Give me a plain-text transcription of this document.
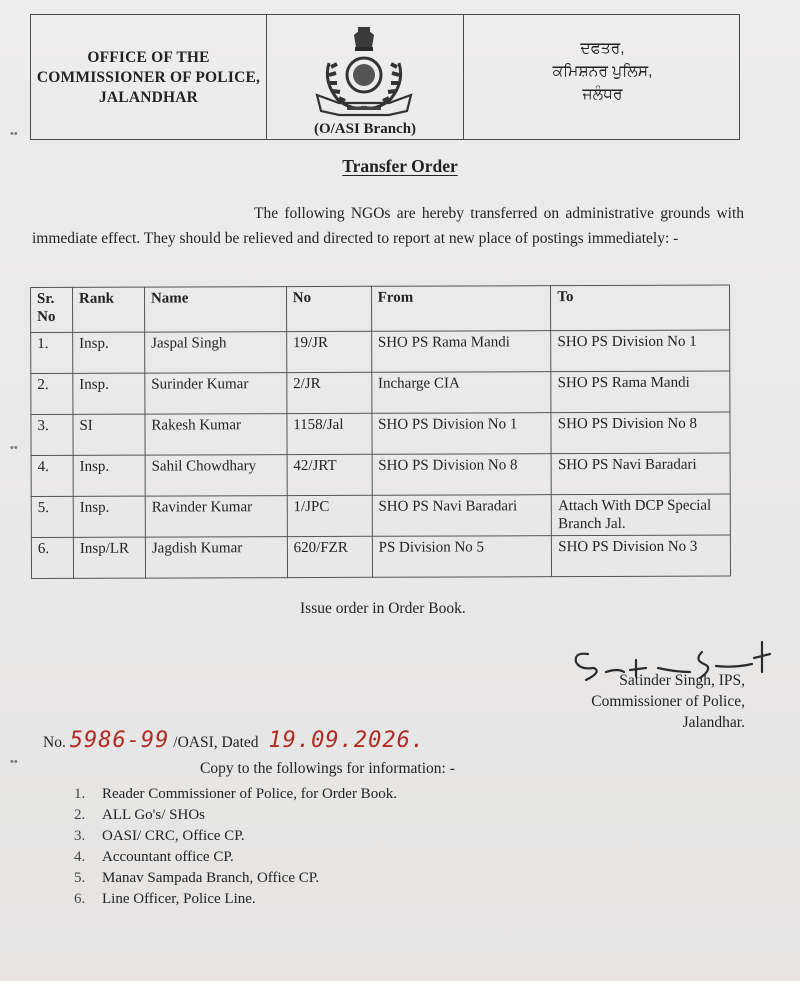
OFFICE OF THE
COMMISSIONER OF POLICE,
JALANDHAR
(O/ASI Branch)
ਦਫਤਰ,
ਕਮਿਸ਼ਨਰ ਪੁਲਿਸ,
ਜਲੰਧਰ
••
Transfer Order
The following NGOs are hereby transferred on administrative grounds with immediate effect. They should be relieved and directed to report at new place of postings immediately: -
Sr. No	Rank	Name	No	From	To
1.	Insp.	Jaspal Singh	19/JR	SHO PS Rama Mandi	SHO PS Division No 1
2.	Insp.	Surinder Kumar	2/JR	Incharge CIA	SHO PS Rama Mandi
3.	SI	Rakesh Kumar	1158/Jal	SHO PS Division No 1	SHO PS Division No 8
4.	Insp.	Sahil Chowdhary	42/JRT	SHO PS Division No 8	SHO PS Navi Baradari
5.	Insp.	Ravinder Kumar	1/JPC	SHO PS Navi Baradari	Attach With DCP Special Branch Jal.
6.	Insp/LR	Jagdish Kumar	620/FZR	PS Division No 5	SHO PS Division No 3
••
Issue order in Order Book.
Satinder Singh, IPS,
Commissioner of Police,
Jalandhar.
No. 5986-99 /OASI, Dated 19.09.2026.
••	Copy to the followings for information: -
1. Reader Commissioner of Police, for Order Book.
2. ALL Go's/ SHOs
3. OASI/ CRC, Office CP.
4. Accountant office CP.
5. Manav Sampada Branch, Office CP.
6. Line Officer, Police Line.
